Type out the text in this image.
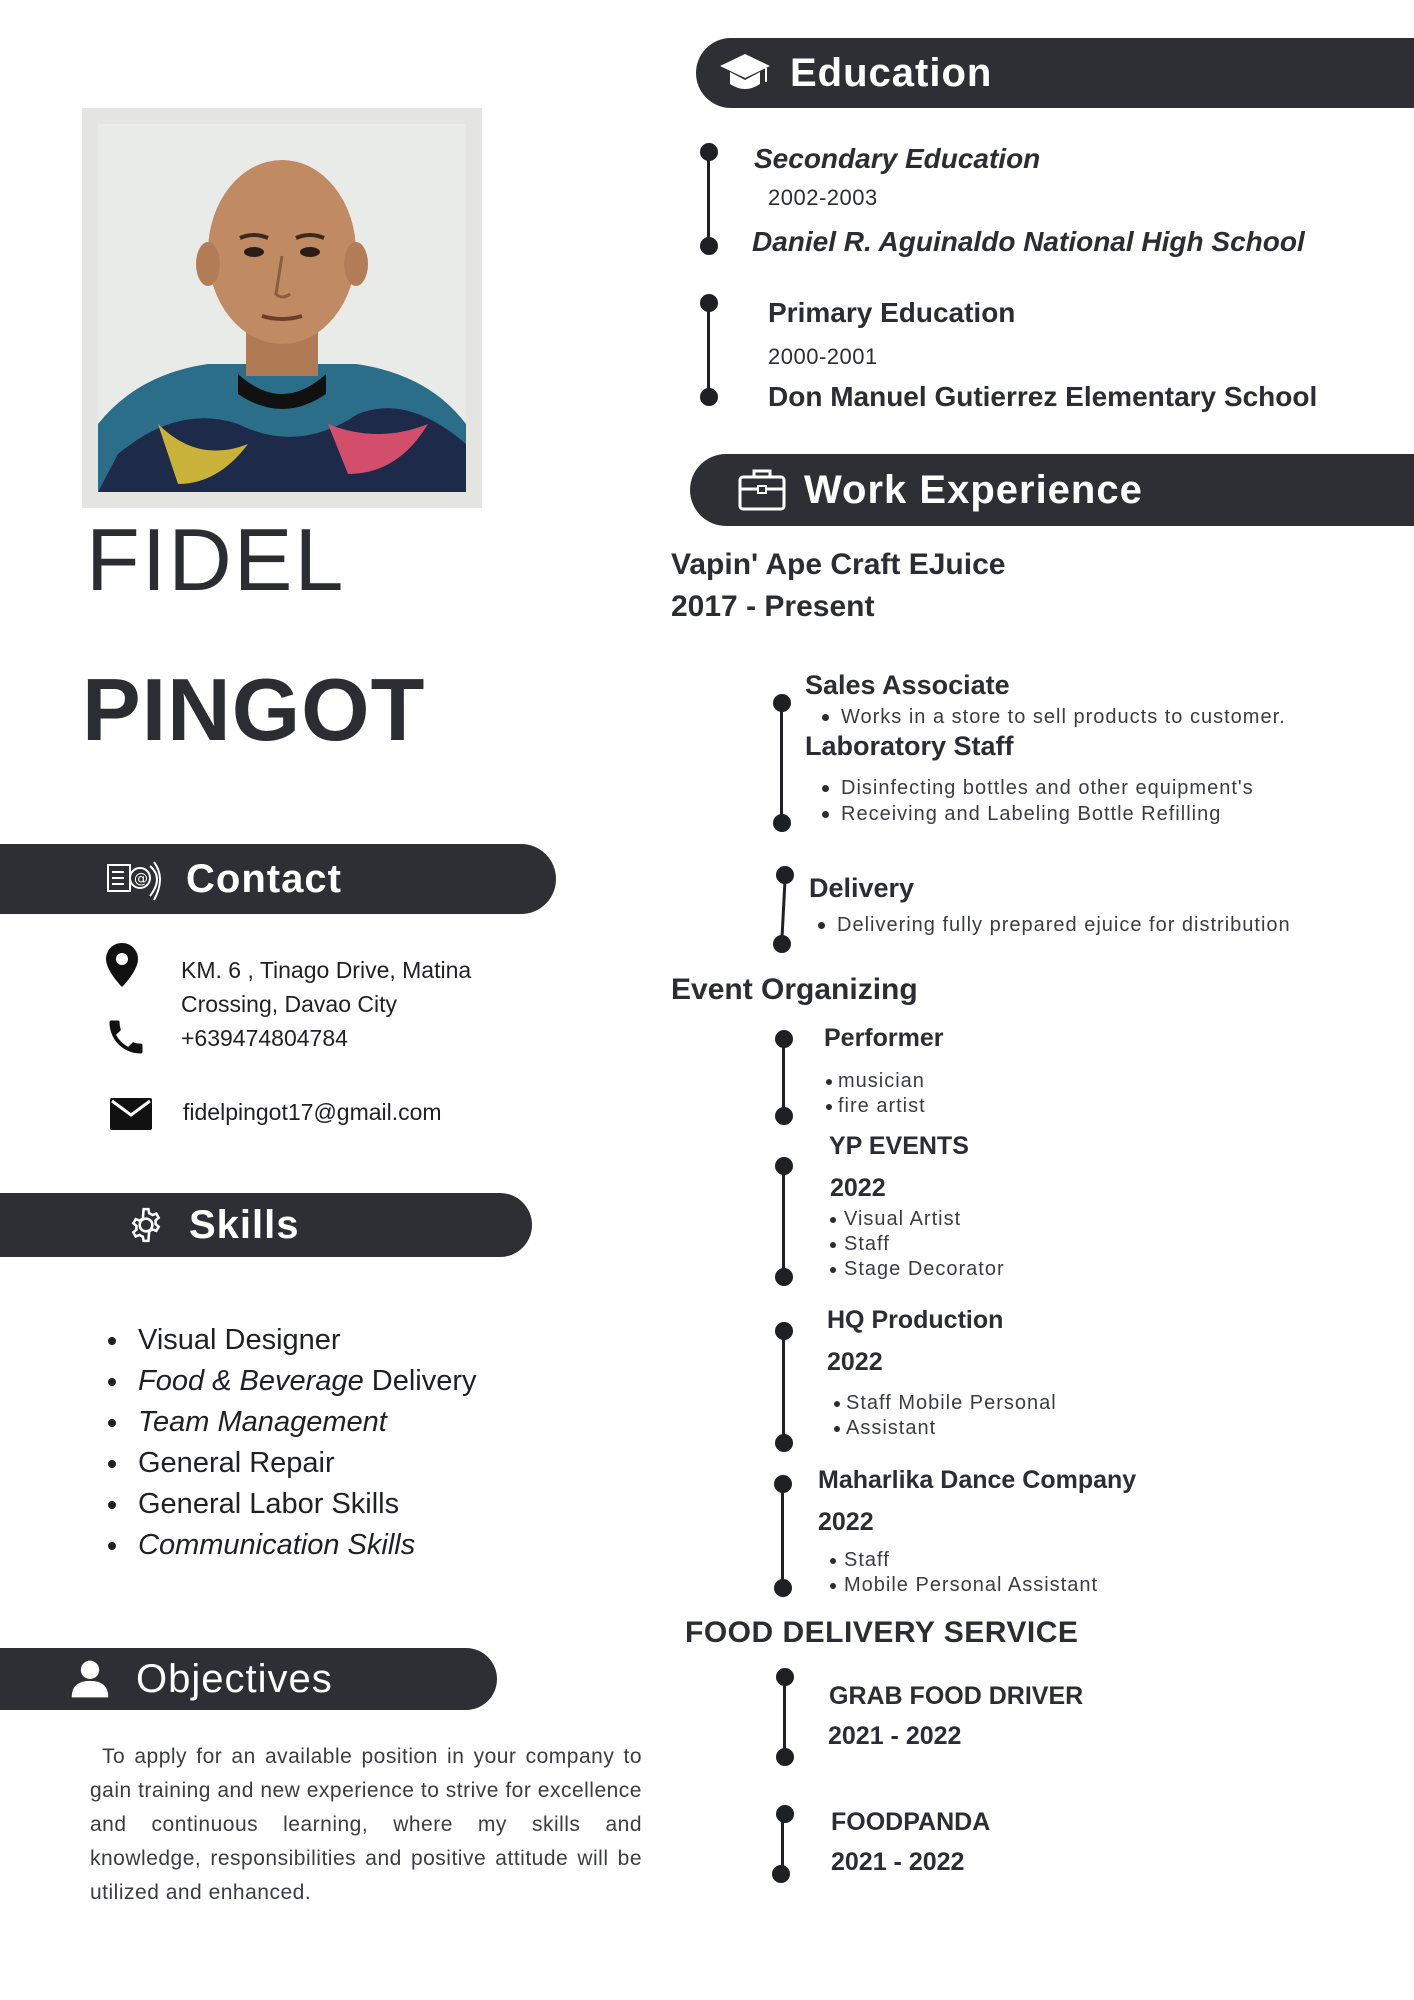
FIDEL
PINGOT
@ Contact
KM. 6 , Tinago Drive, Matina
Crossing, Davao City
+639474804784
fidelpingot17@gmail.com
Skills
Visual Designer
Food & Beverage Delivery
Team Management
General Repair
General Labor Skills
Communication Skills
Objectives

To apply for an available position in your company to gain training and new experience to strive for excellence and continuous learning, where my skills and knowledge, responsibilities and positive attitude will be utilized and enhanced.

Education
Secondary Education
2002-2003
Daniel R. Aguinaldo National High School
Primary Education
2000-2001
Don Manuel Gutierrez Elementary School
Work Experience
Vapin' Ape Craft EJuice
2017 - Present
Sales Associate
Works in a store to sell products to customer.
Laboratory Staff
Disinfecting bottles and other equipment's
Receiving and Labeling Bottle Refilling
Delivery
Delivering fully prepared ejuice for distribution
Event Organizing
Performer
musician
fire artist
YP EVENTS
2022
Visual Artist
Staff
Stage Decorator
HQ Production
2022
Staff Mobile Personal
Assistant
Maharlika Dance Company
2022
Staff
Mobile Personal Assistant
FOOD DELIVERY SERVICE
GRAB FOOD DRIVER
2021 - 2022
FOODPANDA
2021 - 2022
